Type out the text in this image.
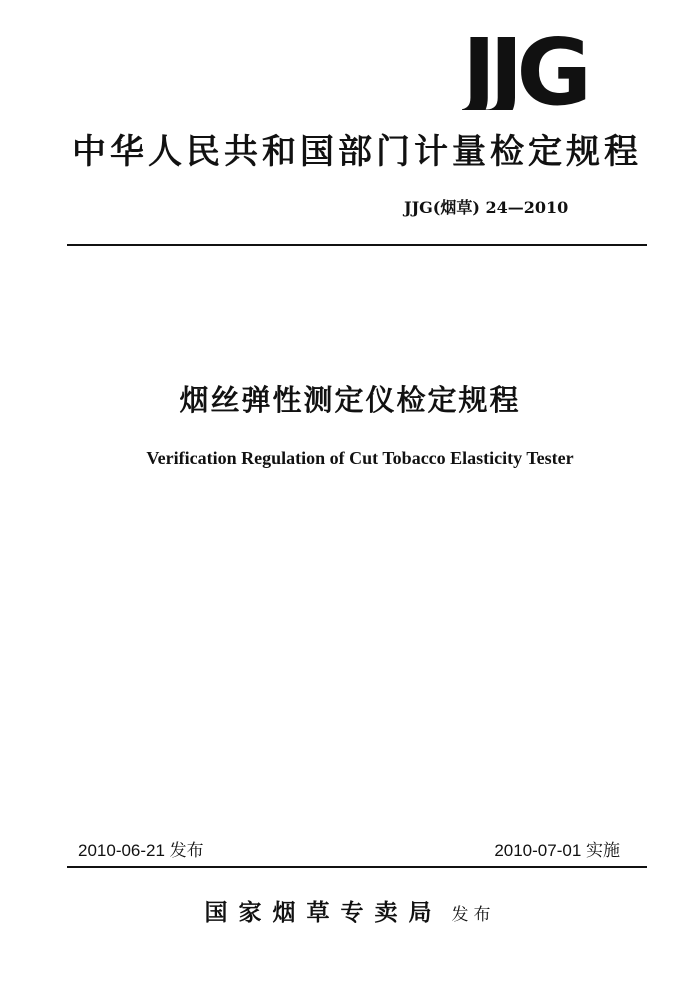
JJG
中华人民共和国部门计量检定规程
JJG(烟草) 24—2010
烟丝弹性测定仪检定规程
Verification Regulation of Cut Tobacco Elasticity Tester
2010-06-21 发布	2010-07-01 实施
国家烟草专卖局 发布
